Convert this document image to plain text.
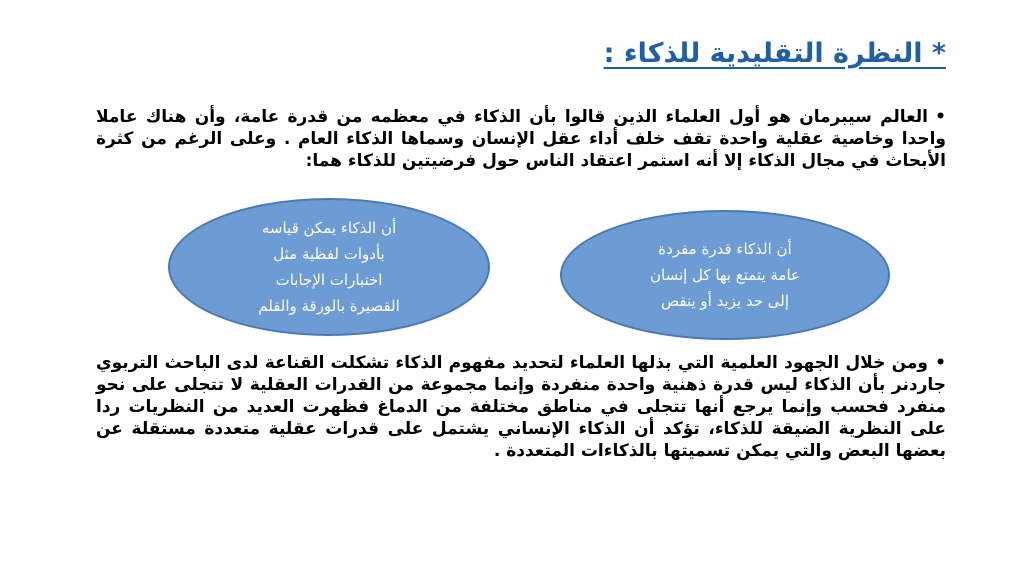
* النظرة التقليدية للذكاء :

•العالم سيبرمان هو أول العلماء الذين قالوا بأن الذكاء في معظمه من قدرة عامة، وأن هناك عاملا واحدا وخاصية عقلية واحدة تقف خلف أداء عقل الإنسان وسماها الذكاء العام . وعلى الرغم من كثرة الأبحاث في مجال الذكاء إلا أنه استمر اعتقاد الناس حول فرضيتين للذكاء هما:

أن الذكاء يمكن قياسه
بأدوات لفظية مثل
اختبارات الإجابات
القصيرة بالورقة والقلم
أن الذكاء قدرة مفردة
عامة يتمتع بها كل إنسان
إلى حد يزيد أو ينقص

•ومن خلال الجهود العلمية التي بذلها العلماء لتحديد مفهوم الذكاء تشكلت القناعة لدى الباحث التربوي جاردنر بأن الذكاء ليس قدرة ذهنية واحدة منفردة وإنما مجموعة من القدرات العقلية لا تتجلى على نحو منفرد فحسب وإنما يرجع أنها تتجلى في مناطق مختلفة من الدماغ فظهرت العديد من النظريات ردا على النظرية الضيقة للذكاء، تؤكد أن الذكاء الإنساني يشتمل على قدرات عقلية متعددة مستقلة عن بعضها البعض والتي يمكن تسميتها بالذكاءات المتعددة .
